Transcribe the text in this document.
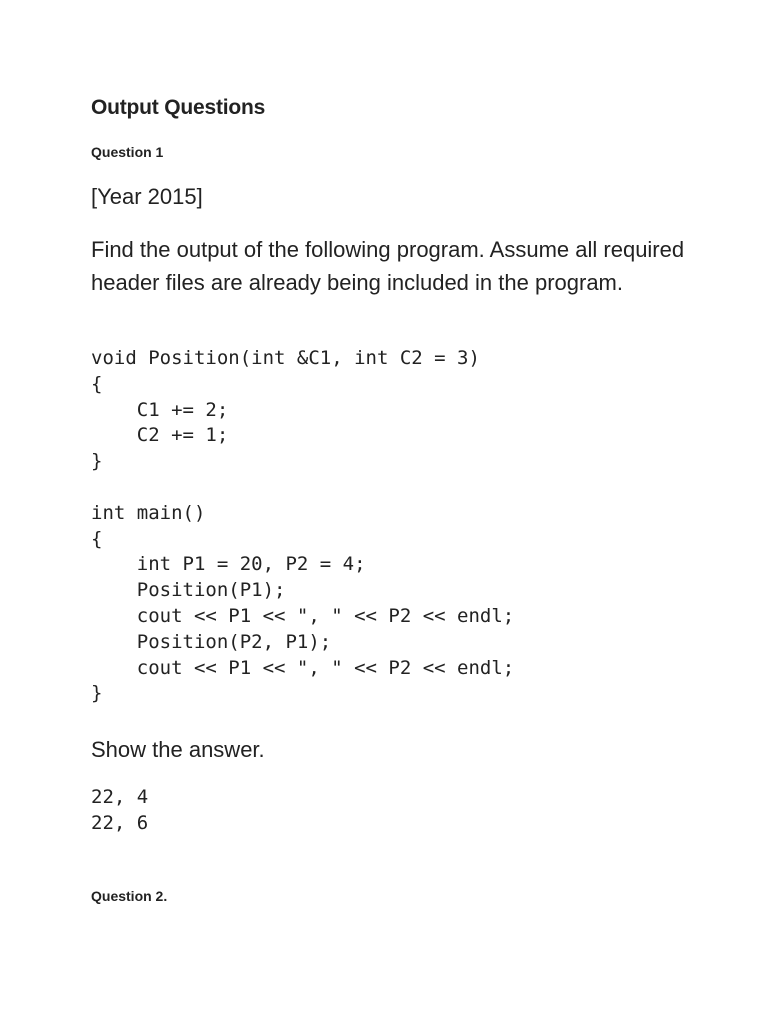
Output Questions
Question 1
[Year 2015]
Find the output of the following program. Assume all required header files are already being included in the program.
void Position(int &C1, int C2 = 3)
{
C1 += 2;
C2 += 1;
}
int main()
{
int P1 = 20, P2 = 4;
Position(P1);
cout << P1 << ", " << P2 << endl;
Position(P2, P1);
cout << P1 << ", " << P2 << endl;
}
Show the answer.
22, 4
22, 6
Question 2.
